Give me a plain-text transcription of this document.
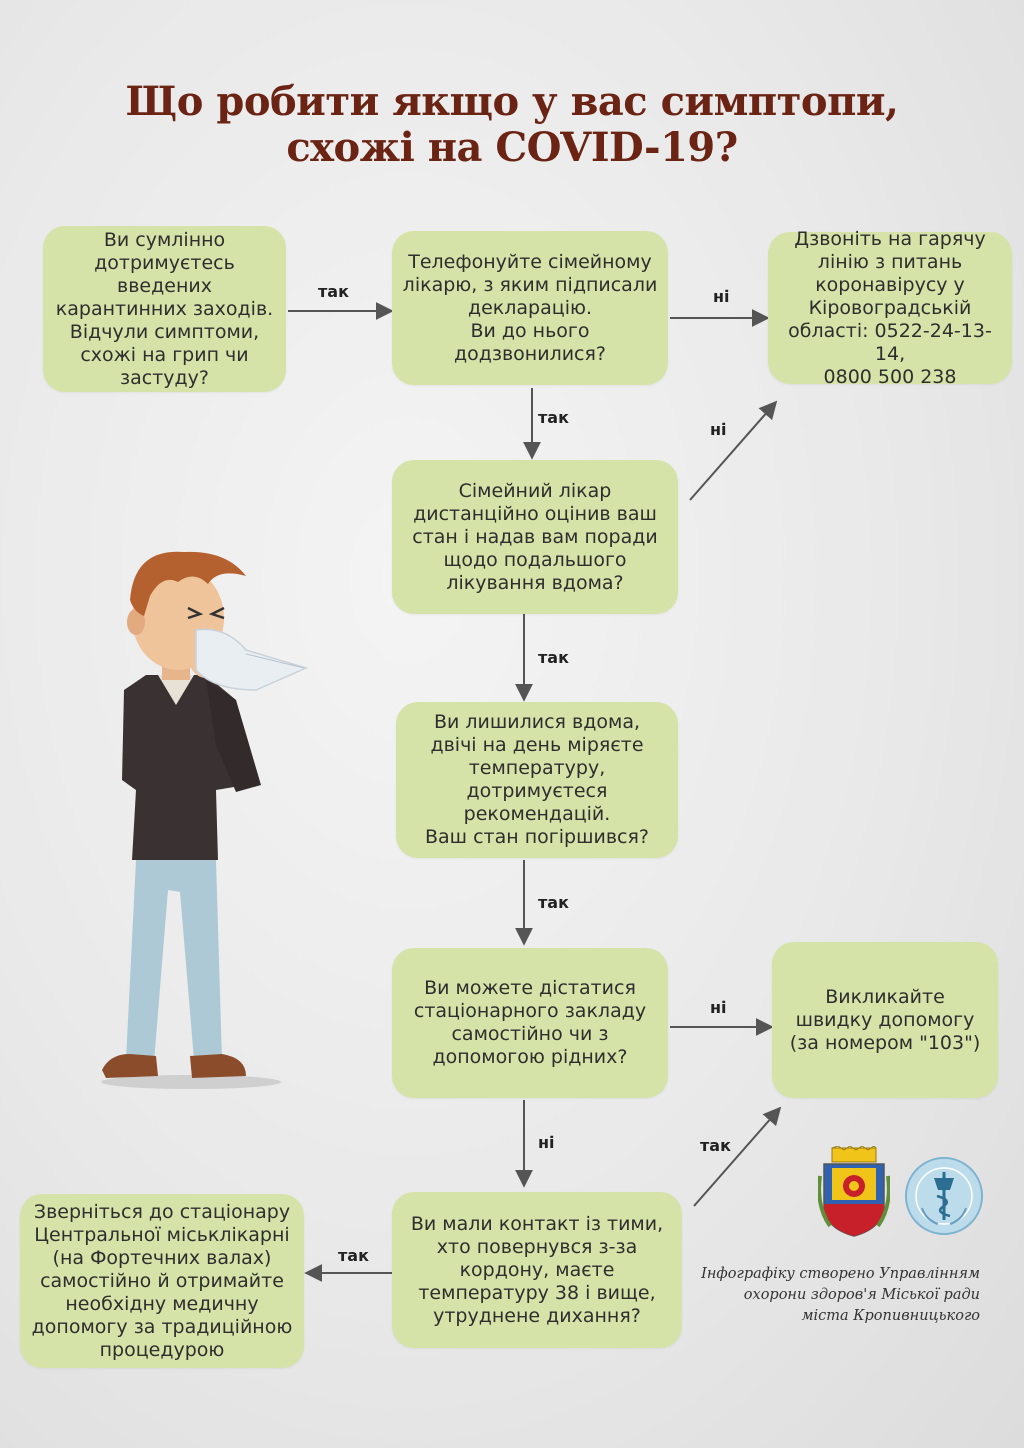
Що робити якщо у вас симптопи,
схожі на COVID-19?
так	ні
так
ні
так
так
ні
ні	так
так
Ви сумлінно
дотримуєтесь введених
карантинних заходів.
Відчули симптоми,
схожі на грип чи
застуду?
Телефонуйте сімейному
лікарю, з яким підписали
декларацію.
Ви до нього
додзвонилися?
Дзвоніть на гарячу
лінію з питань
коронавірусу у
Кіровоградській
області: 0522-24-13-14,
0800 500 238
Сімейний лікар
дистанційно оцінив ваш
стан і надав вам поради
щодо подальшого
лікування вдома?
Ви лишилися вдома,
двічі на день міряєте
температуру,
дотримуєтеся
рекомендацій.
Ваш стан погіршився?
Ви можете дістатися
стаціонарного закладу
самостійно чи з
допомогою рідних?
Викликайте
швидку допомогу
(за номером "103")
Ви мали контакт із тими,
хто повернувся з-за
кордону, маєте
температуру 38 і вище,
утруднене дихання?
Зверніться до стаціонару
Центральної міськлікарні
(на Фортечних валах)
самостійно й отримайте
необхідну медичну
допомогу за традиційною
процедурою
Інфографіку створено Управлінням
охорони здоров'я Міської ради
міста Кропивницького
